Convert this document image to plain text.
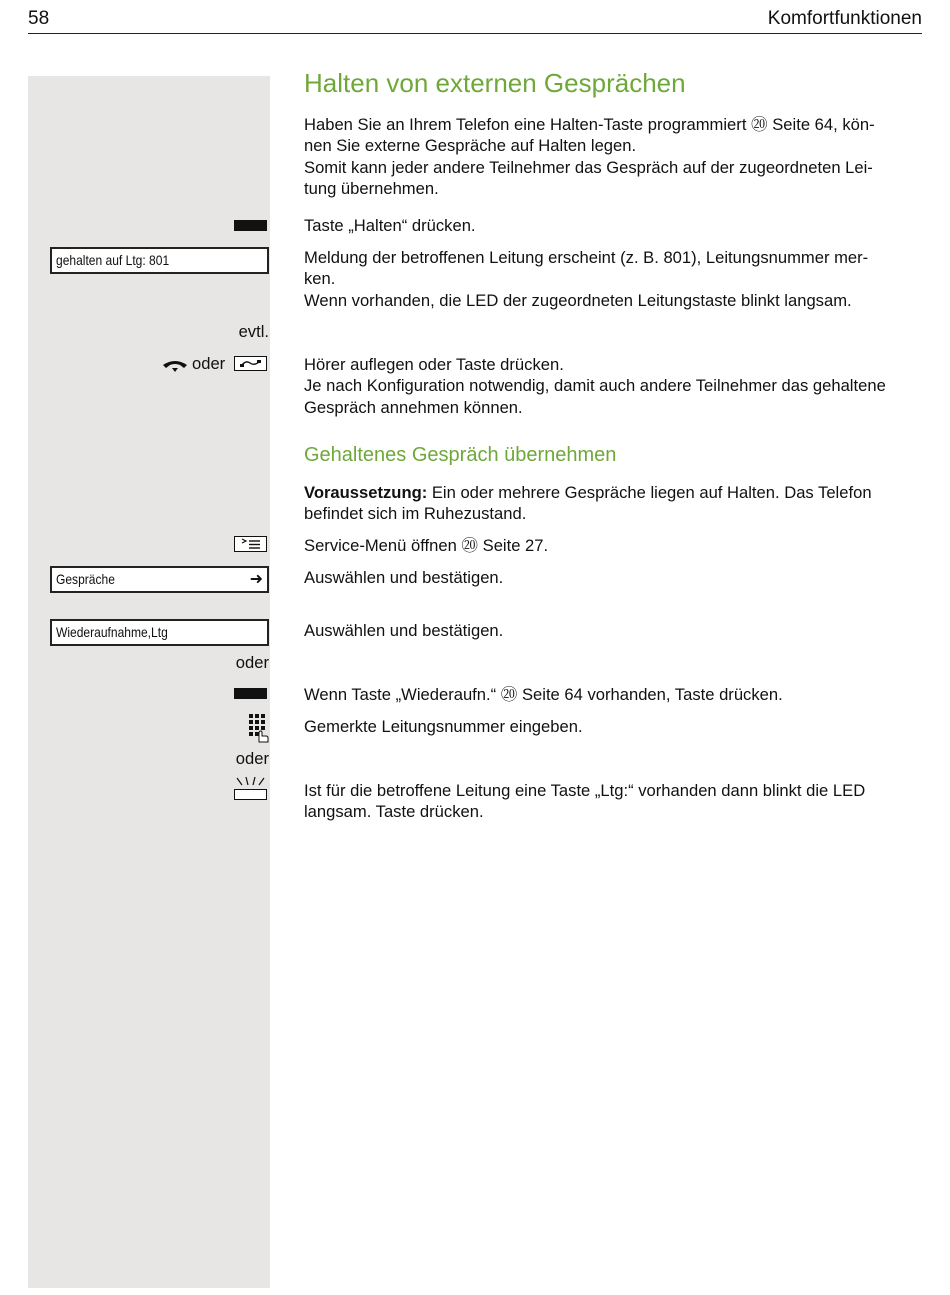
58	Komfortfunktionen
Halten von externen Gesprächen
Haben Sie an Ihrem Telefon eine Halten-Taste programmiert ⑳ Seite 64, kön-
nen Sie externe Gespräche auf Halten legen.
Somit kann jeder andere Teilnehmer das Gespräch auf der zugeordneten Lei-
tung übernehmen.
Taste „Halten“ drücken.
gehalten auf Ltg: 801	Meldung der betroffenen Leitung erscheint (z. B. 801), Leitungsnummer mer-
ken.
Wenn vorhanden, die LED der zugeordneten Leitungstaste blinkt langsam.
evtl.
oder	Hörer auflegen oder Taste drücken.
Je nach Konfiguration notwendig, damit auch andere Teilnehmer das gehaltene
Gespräch annehmen können.
Gehaltenes Gespräch übernehmen
Voraussetzung: Ein oder mehrere Gespräche liegen auf Halten. Das Telefon
befindet sich im Ruhezustand.
Service-Menü öffnen ⑳ Seite 27.
Gespräche	➜ Auswählen und bestätigen.
Wiederaufnahme,Ltg	Auswählen und bestätigen.
oder
Wenn Taste „Wiederaufn.“ ⑳ Seite 64 vorhanden, Taste drücken.
Gemerkte Leitungsnummer eingeben.
oder
Ist für die betroffene Leitung eine Taste „Ltg:“ vorhanden dann blinkt die LED
langsam. Taste drücken.
